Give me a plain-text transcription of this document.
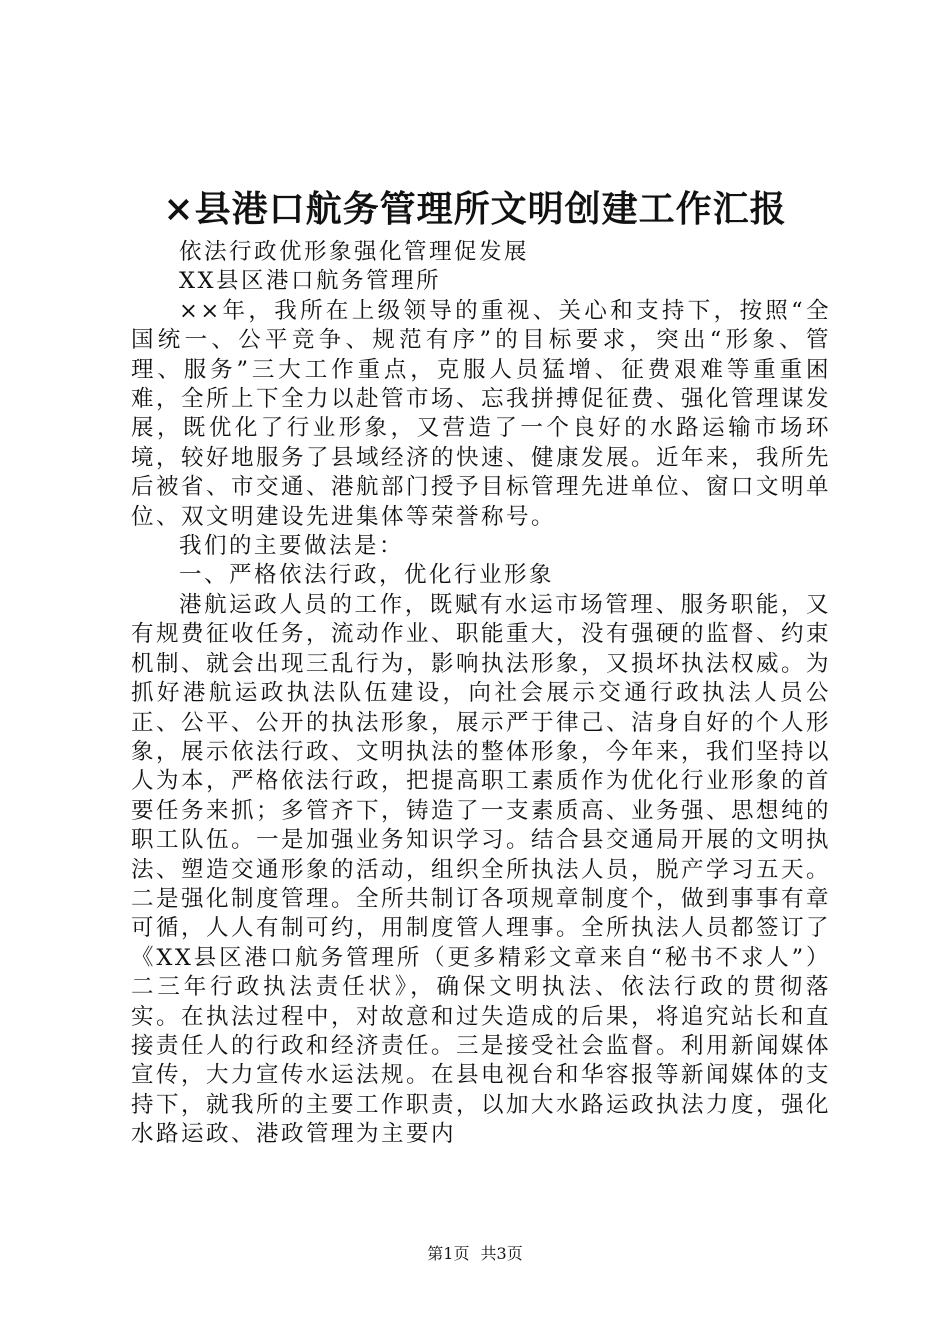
×县港口航务管理所文明创建工作汇报

依法行政优形象强化管理促发展

XX县区港口航务管理所

××年，我所在上级领导的重视、关心和支持下，按照“全国统一、公平竞争、规范有序”的目标要求，突出“形象、管理、服务”三大工作重点，克服人员猛增、征费艰难等重重困难，全所上下全力以赴管市场、忘我拼搏促征费、强化管理谋发展，既优化了行业形象，又营造了一个良好的水路运输市场环境，较好地服务了县域经济的快速、健康发展。近年来，我所先后被省、市交通、港航部门授予目标管理先进单位、窗口文明单位、双文明建设先进集体等荣誉称号。

我们的主要做法是：

一、严格依法行政，优化行业形象

港航运政人员的工作，既赋有水运市场管理、服务职能，又有规费征收任务，流动作业、职能重大，没有强硬的监督、约束机制、就会出现三乱行为，影响执法形象，又损坏执法权威。为抓好港航运政执法队伍建设，向社会展示交通行政执法人员公正、公平、公开的执法形象，展示严于律己、洁身自好的个人形象，展示依法行政、文明执法的整体形象，今年来，我们坚持以人为本，严格依法行政，把提高职工素质作为优化行业形象的首要任务来抓；多管齐下，铸造了一支素质高、业务强、思想纯的职工队伍。一是加强业务知识学习。结合县交通局开展的文明执法、塑造交通形象的活动，组织全所执法人员，脱产学习五天。二是强化制度管理。全所共制订各项规章制度个，做到事事有章可循，人人有制可约，用制度管人理事。全所执法人员都签订了《XX县区港口航务管理所（更多精彩文章来自“秘书不求人”）二三年行政执法责任状》，确保文明执法、依法行政的贯彻落实。在执法过程中，对故意和过失造成的后果，将追究站长和直接责任人的行政和经济责任。三是接受社会监督。利用新闻媒体宣传，大力宣传水运法规。在县电视台和华容报等新闻媒体的支持下，就我所的主要工作职责，以加大水路运政执法力度，强化水路运政、港政管理为主要内

第1页 共3页
